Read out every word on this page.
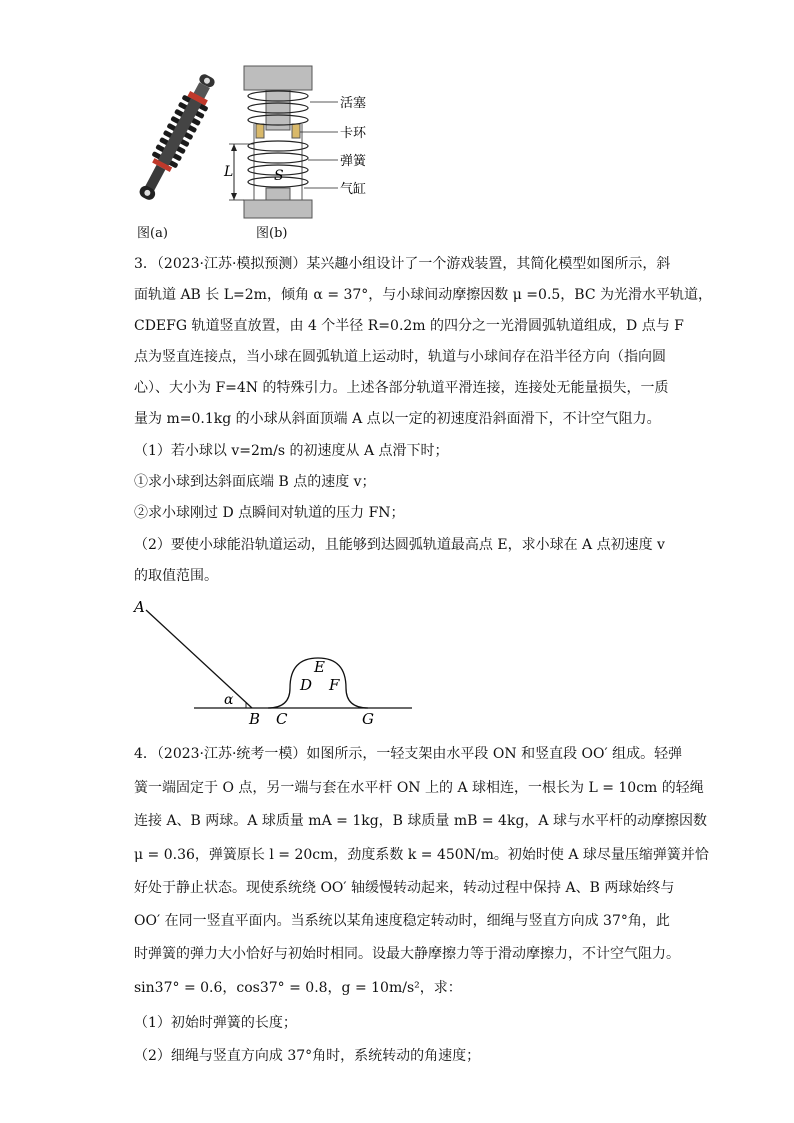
图(a)
L	S
活塞
卡环
弹簧
气缸
图(b)
3．（2023·江苏·模拟预测）某兴趣小组设计了一个游戏装置，其简化模型如图所示，斜
面轨道 AB 长 L=2m，倾角 α = 37°，与小球间动摩擦因数 μ =0.5，BC 为光滑水平轨道，
CDEFG 轨道竖直放置，由 4 个半径 R=0.2m 的四分之一光滑圆弧轨道组成，D 点与 F
点为竖直连接点，当小球在圆弧轨道上运动时，轨道与小球间存在沿半径方向（指向圆
心）、大小为 F=4N 的特殊引力。上述各部分轨道平滑连接，连接处无能量损失，一质
量为 m=0.1kg 的小球从斜面顶端 A 点以一定的初速度沿斜面滑下，不计空气阻力。
（1）若小球以 v=2m/s 的初速度从 A 点滑下时；
①求小球到达斜面底端 B 点的速度 v；
②求小球刚过 D 点瞬间对轨道的压力 FN；
（2）要使小球能沿轨道运动，且能够到达圆弧轨道最高点 E，求小球在 A 点初速度 v
的取值范围。
A
α
B C
D
E
F
G
4．（2023·江苏·统考一模）如图所示，一轻支架由水平段 ON 和竖直段 OO′ 组成。轻弹
簧一端固定于 O 点，另一端与套在水平杆 ON 上的 A 球相连，一根长为 L = 10cm 的轻绳
连接 A、B 两球。A 球质量 mA = 1kg，B 球质量 mB = 4kg，A 球与水平杆的动摩擦因数
μ = 0.36，弹簧原长 l = 20cm，劲度系数 k = 450N/m。初始时使 A 球尽量压缩弹簧并恰
好处于静止状态。现使系统绕 OO′ 轴缓慢转动起来，转动过程中保持 A、B 两球始终与
OO′ 在同一竖直平面内。当系统以某角速度稳定转动时，细绳与竖直方向成 37°角，此
时弹簧的弹力大小恰好与初始时相同。设最大静摩擦力等于滑动摩擦力，不计空气阻力。
sin37° = 0.6，cos37° = 0.8，g = 10m/s²，求：
（1）初始时弹簧的长度；
（2）细绳与竖直方向成 37°角时，系统转动的角速度；
